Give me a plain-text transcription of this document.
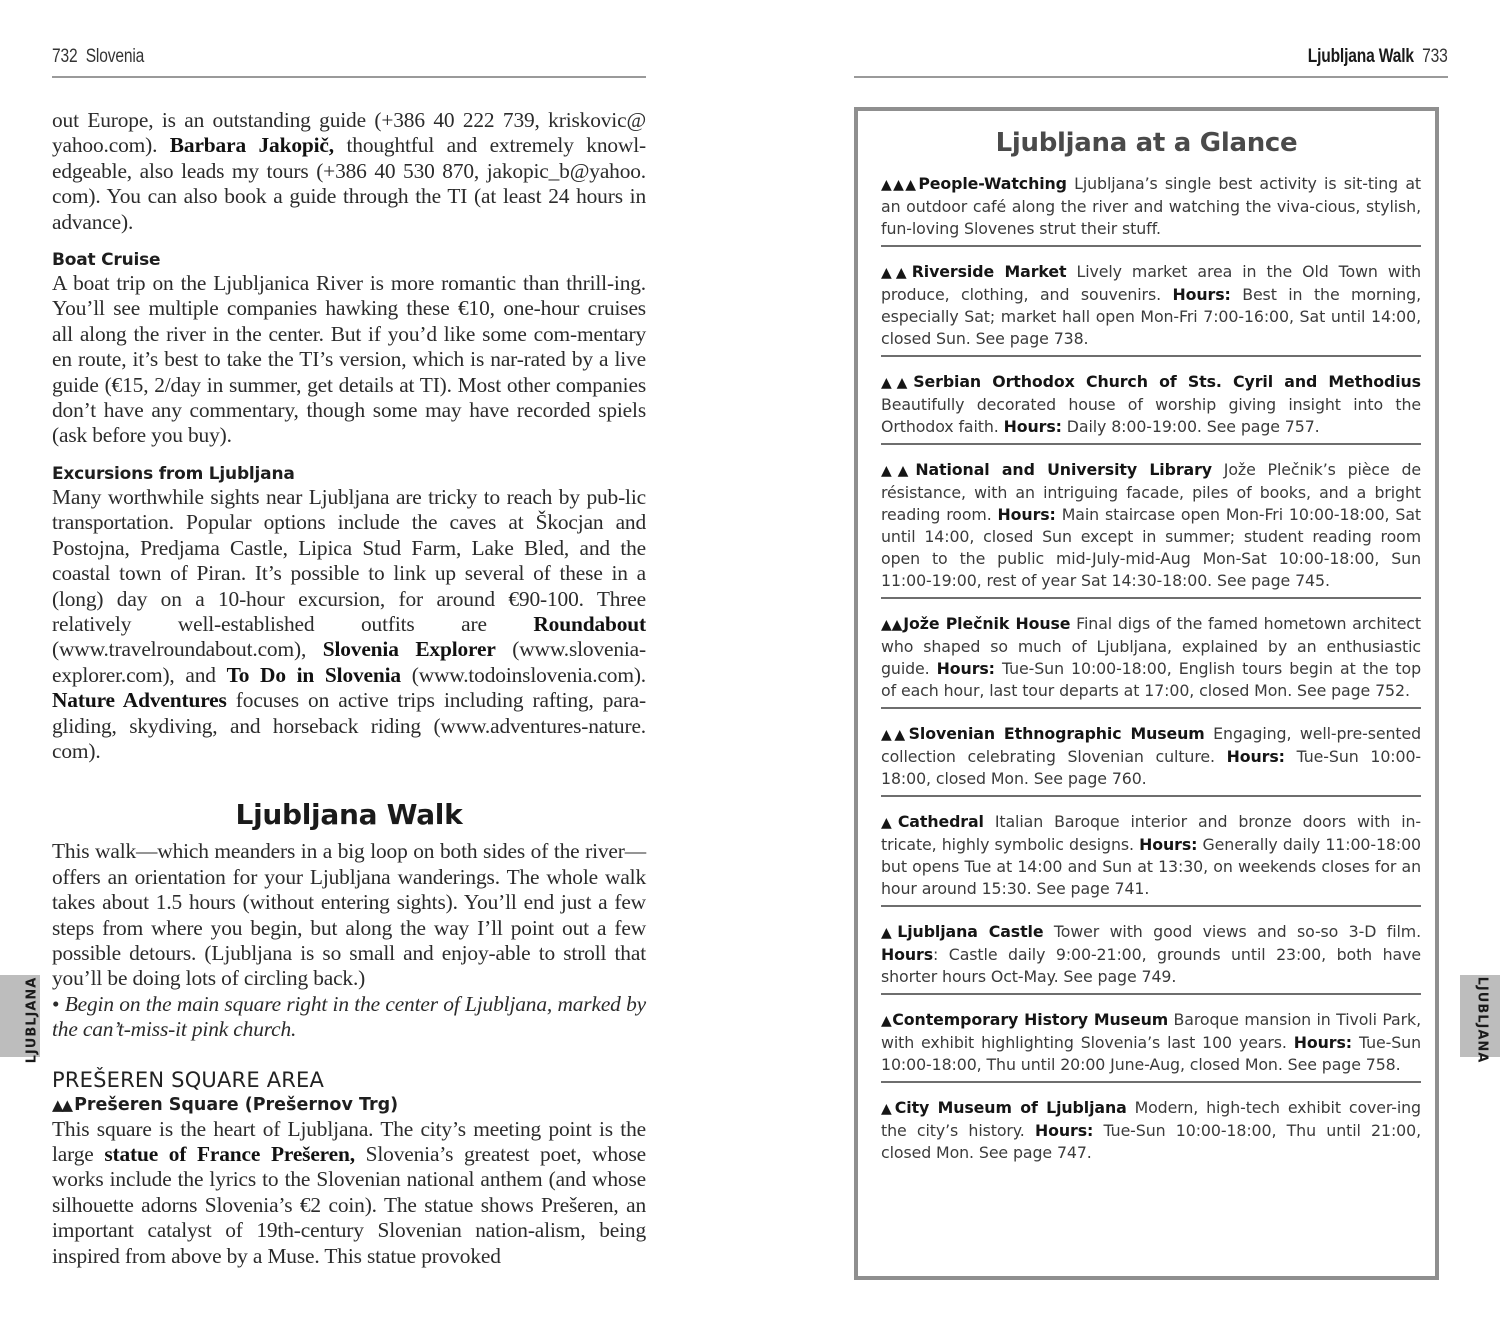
732 Slovenia

out Europe, is an outstanding guide (+386 40 222 739, kriskovic@ yahoo.com). Barbara Jakopič, thoughtful and extremely knowl-edgeable, also leads my tours (+386 40 530 870, jakopic_b@yahoo. com). You can also book a guide through the TI (at least 24 hours in advance).

Boat Cruise

A boat trip on the Ljubljanica River is more romantic than thrill-ing. You’ll see multiple companies hawking these €10, one-hour cruises all along the river in the center. But if you’d like some com-mentary en route, it’s best to take the TI’s version, which is nar-rated by a live guide (€15, 2/day in summer, get details at TI). Most other companies don’t have any commentary, though some may have recorded spiels (ask before you buy).

Excursions from Ljubljana

Many worthwhile sights near Ljubljana are tricky to reach by pub-lic transportation. Popular options include the caves at Škocjan and Postojna, Predjama Castle, Lipica Stud Farm, Lake Bled, and the coastal town of Piran. It’s possible to link up several of these in a (long) day on a 10-hour excursion, for around €90-100. Three relatively well-established outfits are Roundabout (www.travelroundabout.com), Slovenia Explorer (www.slovenia-explorer.com), and To Do in Slovenia (www.todoinslovenia.com). Nature Adventures focuses on active trips including rafting, para-gliding, skydiving, and horseback riding (www.adventures-nature. com).

Ljubljana Walk

This walk—which meanders in a big loop on both sides of the river—offers an orientation for your Ljubljana wanderings. The whole walk takes about 1.5 hours (without entering sights). You’ll end just a few steps from where you begin, but along the way I’ll point out a few possible detours. (Ljubljana is so small and enjoy-able to stroll that you’ll be doing lots of circling back.)

• Begin on the main square right in the center of Ljubljana, marked by the can’t-miss-it pink church.

PREŠEREN SQUARE AREA
▲▲ Prešeren Square (Prešernov Trg)

This square is the heart of Ljubljana. The city’s meeting point is the large statue of France Prešeren, Slovenia’s greatest poet, whose works include the lyrics to the Slovenian national anthem (and whose silhouette adorns Slovenia’s €2 coin). The statue shows Prešeren, an important catalyst of 19th-century Slovenian nation-alism, being inspired from above by a Muse. This statue provoked

LJUBLJANA
Ljubljana Walk 733
Ljubljana at a Glance
▲▲▲People-Watching Ljubljana’s single best activity is sit-ting at an outdoor café along the river and watching the viva-cious, stylish, fun-loving Slovenes strut their stuff.
▲▲Riverside Market Lively market area in the Old Town with produce, clothing, and souvenirs. Hours: Best in the morning, especially Sat; market hall open Mon-Fri 7:00-16:00, Sat until 14:00, closed Sun. See page 738.
▲▲Serbian Orthodox Church of Sts. Cyril and Methodius Beautifully decorated house of worship giving insight into the Orthodox faith. Hours: Daily 8:00-19:00. See page 757.
▲▲National and University Library Jože Plečnik’s pièce de résistance, with an intriguing facade, piles of books, and a bright reading room. Hours: Main staircase open Mon-Fri 10:00-18:00, Sat until 14:00, closed Sun except in summer; student reading room open to the public mid-July-mid-Aug Mon-Sat 10:00-18:00, Sun 11:00-19:00, rest of year Sat 14:30-18:00. See page 745.
▲▲Jože Plečnik House Final digs of the famed hometown architect who shaped so much of Ljubljana, explained by an enthusiastic guide. Hours: Tue-Sun 10:00-18:00, English tours begin at the top of each hour, last tour departs at 17:00, closed Mon. See page 752.
▲▲Slovenian Ethnographic Museum Engaging, well-pre-sented collection celebrating Slovenian culture. Hours: Tue-Sun 10:00-18:00, closed Mon. See page 760.
▲Cathedral Italian Baroque interior and bronze doors with in-tricate, highly symbolic designs. Hours: Generally daily 11:00-18:00 but opens Tue at 14:00 and Sun at 13:30, on weekends closes for an hour around 15:30. See page 741.
▲Ljubljana Castle Tower with good views and so-so 3-D film. Hours: Castle daily 9:00-21:00, grounds until 23:00, both have shorter hours Oct-May. See page 749.
▲Contemporary History Museum Baroque mansion in Tivoli Park, with exhibit highlighting Slovenia’s last 100 years. Hours: Tue-Sun 10:00-18:00, Thu until 20:00 June-Aug, closed Mon. See page 758.
▲City Museum of Ljubljana Modern, high-tech exhibit cover-ing the city’s history. Hours: Tue-Sun 10:00-18:00, Thu until 21:00, closed Mon. See page 747.
LJUBLJANA
